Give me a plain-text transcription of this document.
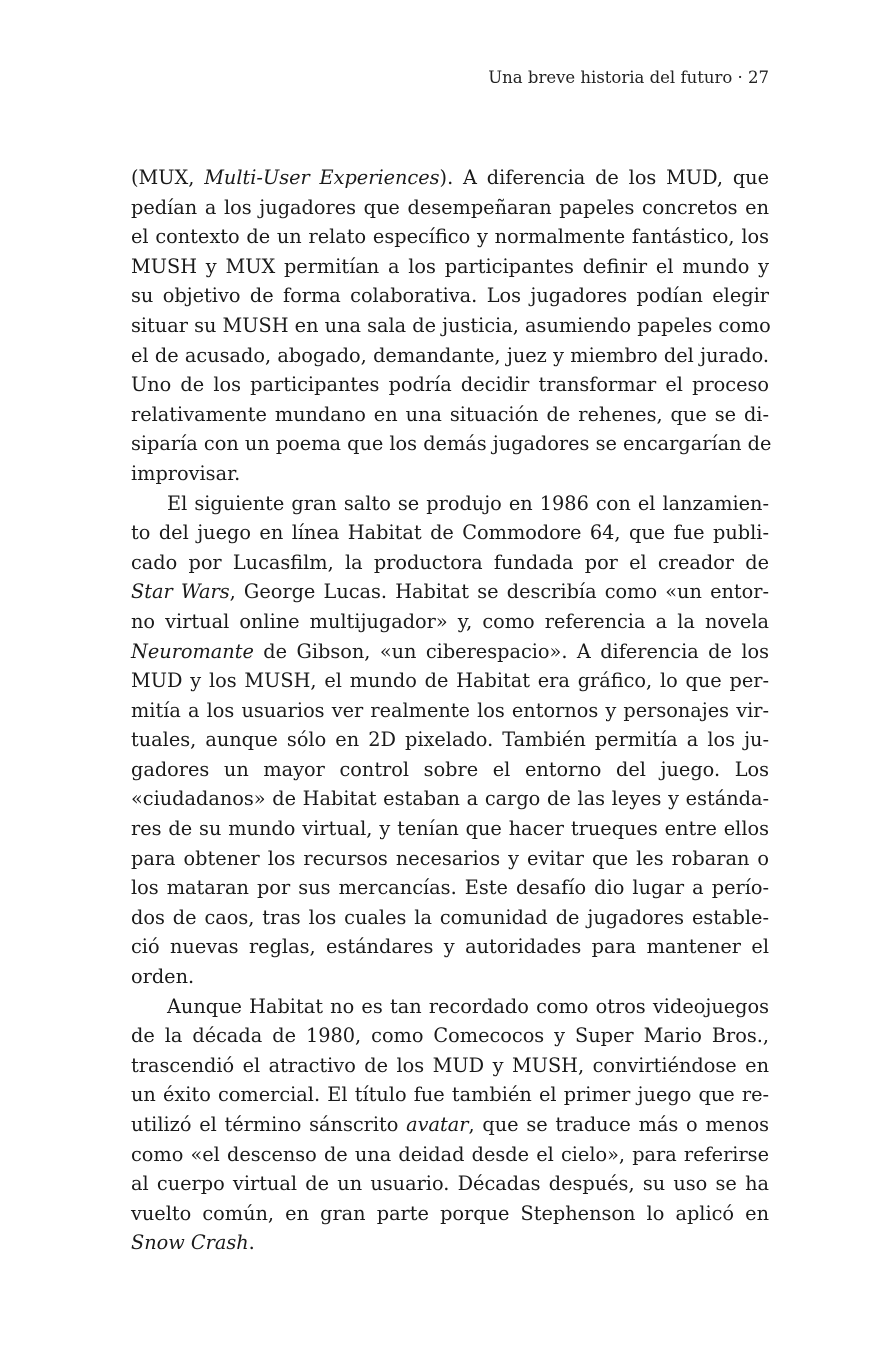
Una breve historia del futuro · 27
(MUX, Multi-User Experiences). A diferencia de los MUD, que
pedían a los jugadores que desempeñaran papeles concretos en
el contexto de un relato específico y normalmente fantástico, los
MUSH y MUX permitían a los participantes definir el mundo y
su objetivo de forma colaborativa. Los jugadores podían elegir
situar su MUSH en una sala de justicia, asumiendo papeles como
el de acusado, abogado, demandante, juez y miembro del jurado.
Uno de los participantes podría decidir transformar el proceso
relativamente mundano en una situación de rehenes, que se di-
siparía con un poema que los demás jugadores se encargarían de
improvisar.
El siguiente gran salto se produjo en 1986 con el lanzamien-
to del juego en línea Habitat de Commodore 64, que fue publi-
cado por Lucasfilm, la productora fundada por el creador de
Star Wars, George Lucas. Habitat se describía como «un entor-
no virtual online multijugador» y, como referencia a la novela
Neuromante de Gibson, «un ciberespacio». A diferencia de los
MUD y los MUSH, el mundo de Habitat era gráfico, lo que per-
mitía a los usuarios ver realmente los entornos y personajes vir-
tuales, aunque sólo en 2D pixelado. También permitía a los ju-
gadores un mayor control sobre el entorno del juego. Los
«ciudadanos» de Habitat estaban a cargo de las leyes y estánda-
res de su mundo virtual, y tenían que hacer trueques entre ellos
para obtener los recursos necesarios y evitar que les robaran o
los mataran por sus mercancías. Este desafío dio lugar a perío-
dos de caos, tras los cuales la comunidad de jugadores estable-
ció nuevas reglas, estándares y autoridades para mantener el
orden.
Aunque Habitat no es tan recordado como otros videojuegos
de la década de 1980, como Comecocos y Super Mario Bros.,
trascendió el atractivo de los MUD y MUSH, convirtiéndose en
un éxito comercial. El título fue también el primer juego que re-
utilizó el término sánscrito avatar, que se traduce más o menos
como «el descenso de una deidad desde el cielo», para referirse
al cuerpo virtual de un usuario. Décadas después, su uso se ha
vuelto común, en gran parte porque Stephenson lo aplicó en
Snow Crash.
